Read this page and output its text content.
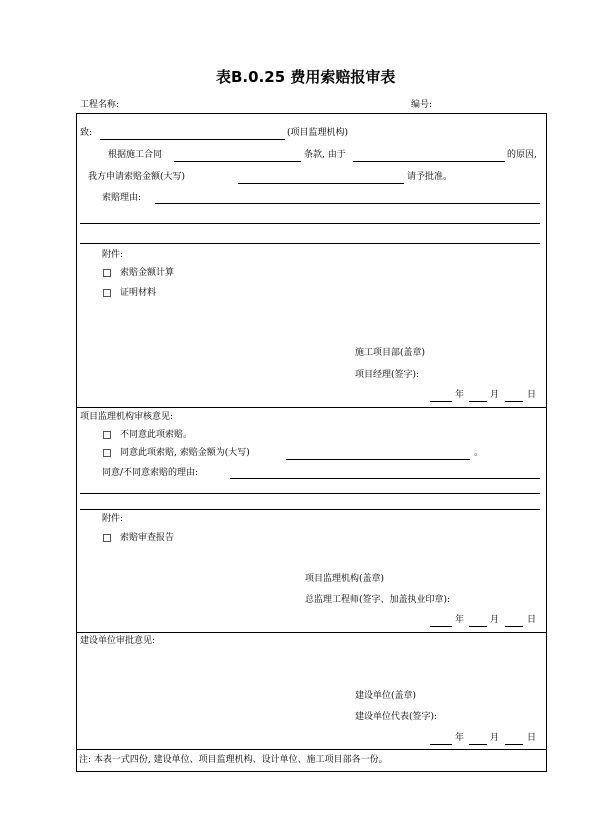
表B.0.25 费用索赔报审表
工程名称:	编号:
致:	(项目监理机构)
根据施工合同	条款, 由于	的原因,
我方申请索赔金额(大写)	请予批准。
索赔理由:
附件:
索赔金额计算
证明材料
施工项目部(盖章)
项目经理(签字):
年	月	日
项目监理机构审核意见:
不同意此项索赔。
同意此项索赔, 索赔金额为(大写)	。
同意/不同意索赔的理由:
附件:
索赔审查报告
项目监理机构(盖章)
总监理工程师(签字、加盖执业印章):
年	月	日
建设单位审批意见:
建设单位(盖章)
建设单位代表(签字):
年	月	日
注: 本表一式四份, 建设单位、项目监理机构、设计单位、施工项目部各一份。
